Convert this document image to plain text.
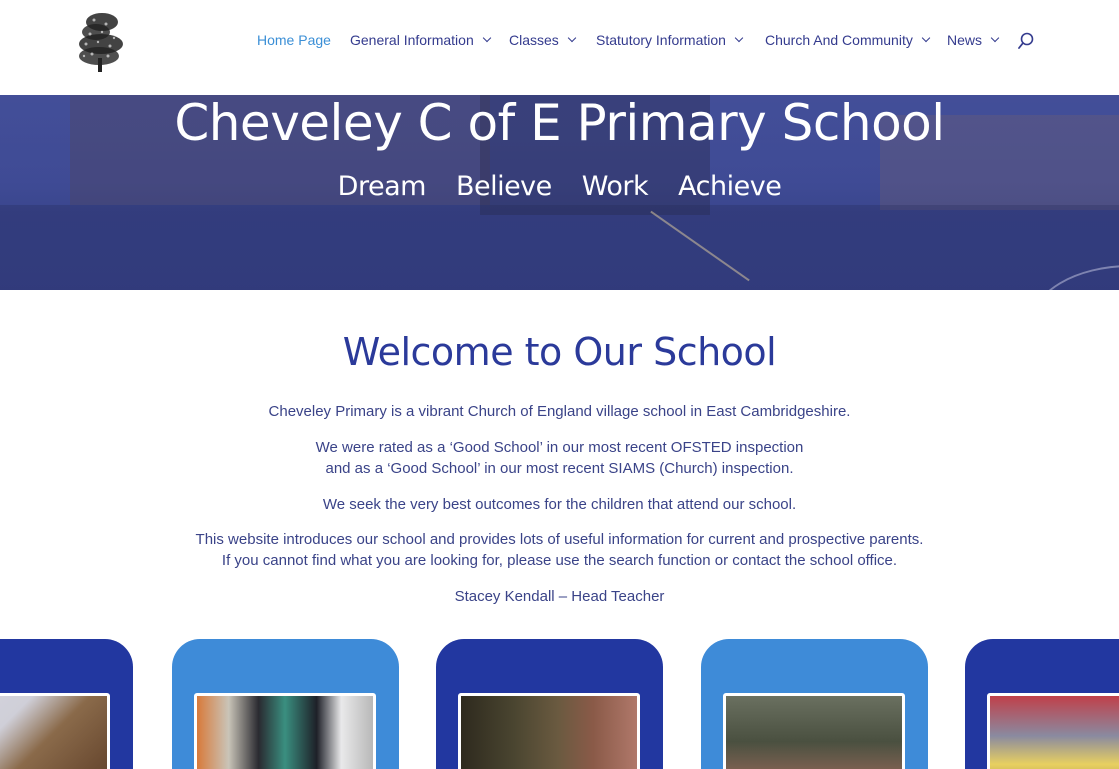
Home Page General Information	Classes	Statutory Information	Church And Community News
Cheveley C of E Primary School
Dream Believe Work Achieve
Welcome to Our School
Cheveley Primary is a vibrant Church of England village school in East Cambridgeshire.
We were rated as a ‘Good School’ in our most recent OFSTED inspection
and as a ‘Good School’ in our most recent SIAMS (Church) inspection.
We seek the very best outcomes for the children that attend our school.
This website introduces our school and provides lots of useful information for current and prospective parents.
If you cannot find what you are looking for, please use the search function or contact the school office.
Stacey Kendall – Head Teacher
